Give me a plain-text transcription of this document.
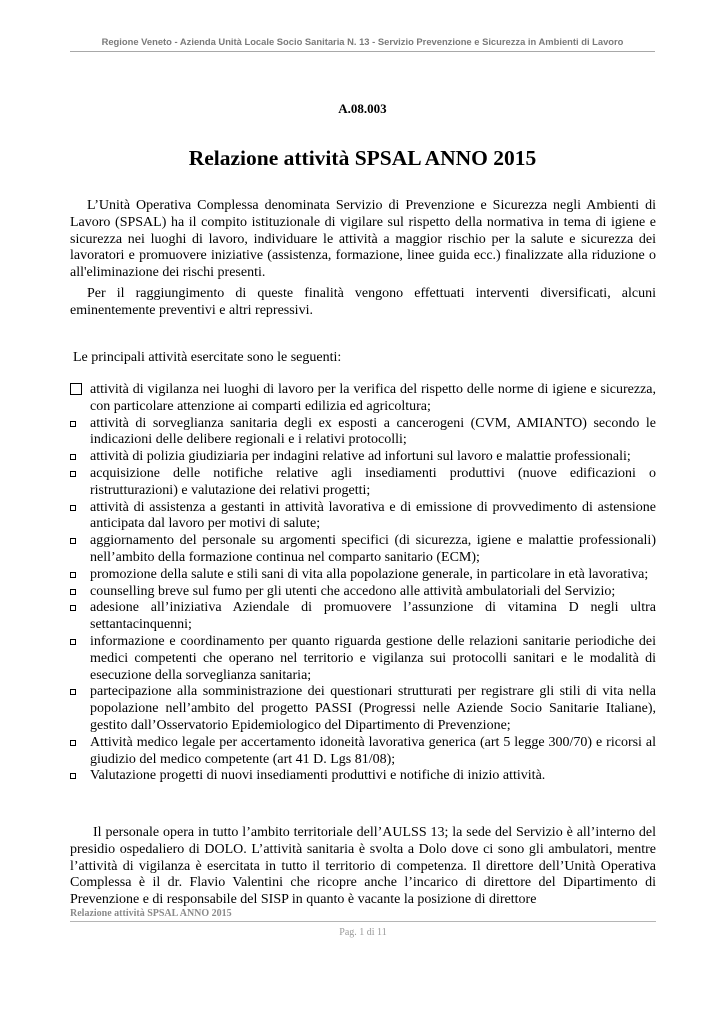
Regione Veneto - Azienda Unità Locale Socio Sanitaria N. 13 - Servizio Prevenzione e Sicurezza in Ambienti di Lavoro
A.08.003
Relazione attività SPSAL ANNO 2015
L’Unità Operativa Complessa denominata Servizio di Prevenzione e Sicurezza negli Ambienti di Lavoro (SPSAL) ha il compito istituzionale di vigilare sul rispetto della normativa in tema di igiene e sicurezza nei luoghi di lavoro, individuare le attività a maggior rischio per la salute e sicurezza dei lavoratori e promuovere iniziative (assistenza, formazione, linee guida ecc.) finalizzate alla riduzione o all'eliminazione dei rischi presenti.
Per il raggiungimento di queste finalità vengono effettuati interventi diversificati, alcuni eminentemente preventivi e altri repressivi.
Le principali attività esercitate sono le seguenti:
attività di vigilanza nei luoghi di lavoro per la verifica del rispetto delle norme di igiene e sicurezza, con particolare attenzione ai comparti edilizia ed agricoltura;
attività di sorveglianza sanitaria degli ex esposti a cancerogeni (CVM, AMIANTO) secondo le indicazioni delle delibere regionali e i relativi protocolli;
attività di polizia giudiziaria per indagini relative ad infortuni sul lavoro e malattie professionali;
acquisizione delle notifiche relative agli insediamenti produttivi (nuove edificazioni o ristrutturazioni) e valutazione dei relativi progetti;
attività di assistenza a gestanti in attività lavorativa e di emissione di provvedimento di astensione anticipata dal lavoro per motivi di salute;
aggiornamento del personale su argomenti specifici (di sicurezza, igiene e malattie professionali) nell’ambito della formazione continua nel comparto sanitario (ECM);
promozione della salute e stili sani di vita alla popolazione generale, in particolare in età lavorativa;
counselling breve sul fumo per gli utenti che accedono alle attività ambulatoriali del Servizio;
adesione all’iniziativa Aziendale di promuovere l’assunzione di vitamina D negli ultra settantacinquenni;
informazione e coordinamento per quanto riguarda gestione delle relazioni sanitarie periodiche dei medici competenti che operano nel territorio e vigilanza sui protocolli sanitari e le modalità di esecuzione della sorveglianza sanitaria;
partecipazione alla somministrazione dei questionari strutturati per registrare gli stili di vita nella popolazione nell’ambito del progetto PASSI (Progressi nelle Aziende Socio Sanitarie Italiane), gestito dall’Osservatorio Epidemiologico del Dipartimento di Prevenzione;
Attività medico legale per accertamento idoneità lavorativa generica (art 5 legge 300/70) e ricorsi al giudizio del medico competente (art 41 D. Lgs 81/08);
Valutazione progetti di nuovi insediamenti produttivi e notifiche di inizio attività.
Il personale opera in tutto l’ambito territoriale dell’AULSS 13; la sede del Servizio è all’interno del presidio ospedaliero di DOLO. L’attività sanitaria è svolta a Dolo dove ci sono gli ambulatori, mentre l’attività di vigilanza è esercitata in tutto il territorio di competenza. Il direttore dell’Unità Operativa Complessa è il dr. Flavio Valentini che ricopre anche l’incarico di direttore del Dipartimento di Prevenzione e di responsabile del SISP in quanto è vacante la posizione di direttore
Relazione attività SPSAL ANNO 2015
Pag. 1 di 11
